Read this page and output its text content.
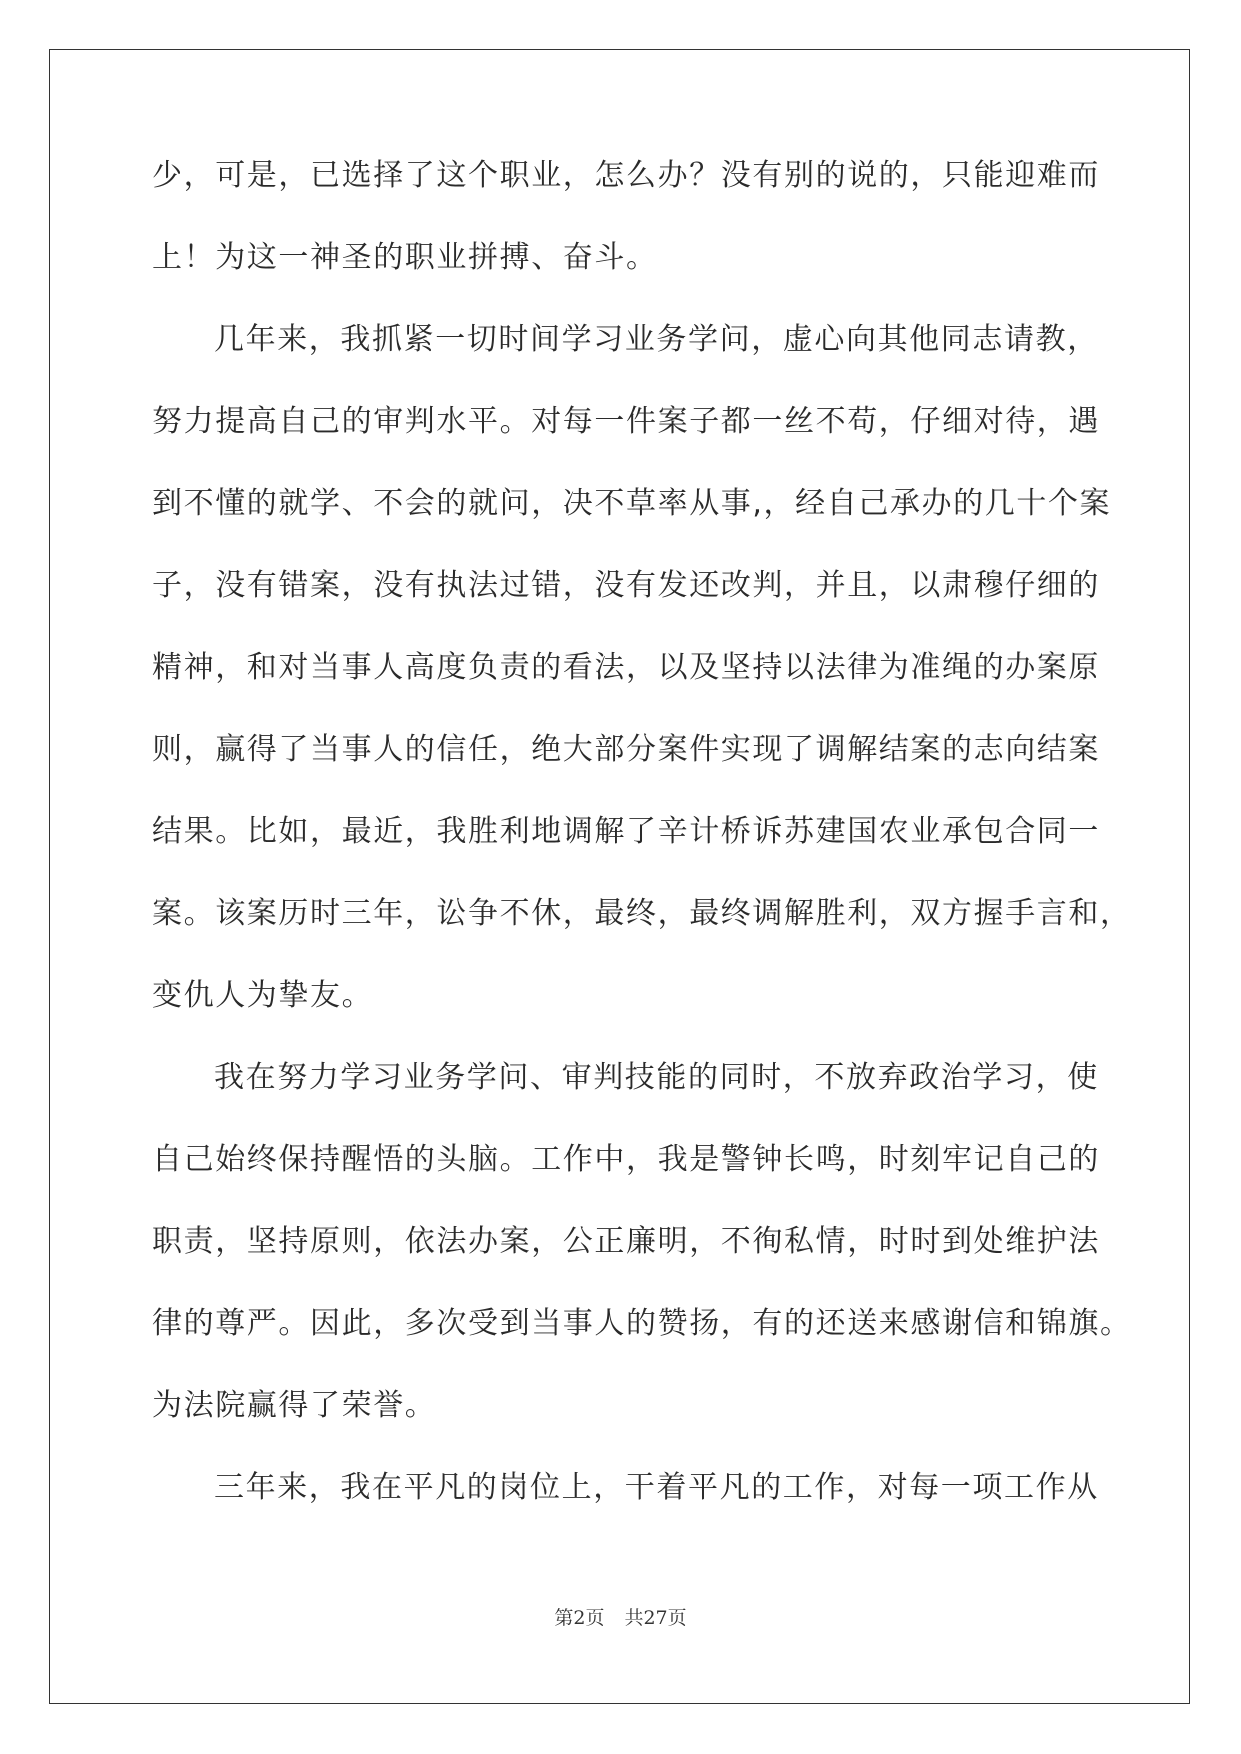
少，可是，已选择了这个职业，怎么办？没有别的说的，只能迎难而
上！为这一神圣的职业拼搏、奋斗。
几年来，我抓紧一切时间学习业务学问，虚心向其他同志请教，
努力提高自己的审判水平。对每一件案子都一丝不苟，仔细对待，遇
到不懂的就学、不会的就问，决不草率从事,，经自己承办的几十个案
子，没有错案，没有执法过错，没有发还改判，并且，以肃穆仔细的
精神，和对当事人高度负责的看法，以及坚持以法律为准绳的办案原
则，赢得了当事人的信任，绝大部分案件实现了调解结案的志向结案
结果。比如，最近，我胜利地调解了辛计桥诉苏建国农业承包合同一
案。该案历时三年，讼争不休，最终，最终调解胜利，双方握手言和，
变仇人为挚友。
我在努力学习业务学问、审判技能的同时，不放弃政治学习，使
自己始终保持醒悟的头脑。工作中，我是警钟长鸣，时刻牢记自己的
职责，坚持原则，依法办案，公正廉明，不徇私情，时时到处维护法
律的尊严。因此，多次受到当事人的赞扬，有的还送来感谢信和锦旗。
为法院赢得了荣誉。
三年来，我在平凡的岗位上，干着平凡的工作，对每一项工作从
第2页 共27页
